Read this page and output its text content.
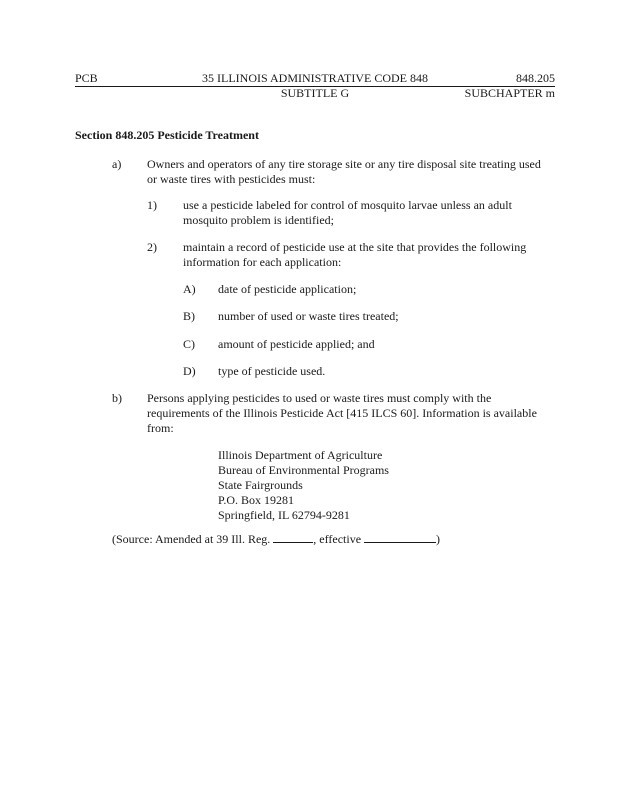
PCB	35 ILLINOIS ADMINISTRATIVE CODE 848	848.205
SUBTITLE G	SUBCHAPTER m
Section 848.205 Pesticide Treatment
a) Owners and operators of any tire storage site or any tire disposal site treating used or waste tires with pesticides must:
1) use a pesticide labeled for control of mosquito larvae unless an adult mosquito problem is identified;
2) maintain a record of pesticide use at the site that provides the following information for each application:
A) date of pesticide application;
B) number of used or waste tires treated;
C) amount of pesticide applied; and
D) type of pesticide used.
b) Persons applying pesticides to used or waste tires must comply with the requirements of the Illinois Pesticide Act [415 ILCS 60]. Information is available from:
Illinois Department of Agriculture
Bureau of Environmental Programs
State Fairgrounds
P.O. Box 19281
Springfield, IL 62794-9281
(Source: Amended at 39 Ill. Reg.	, effective	)
